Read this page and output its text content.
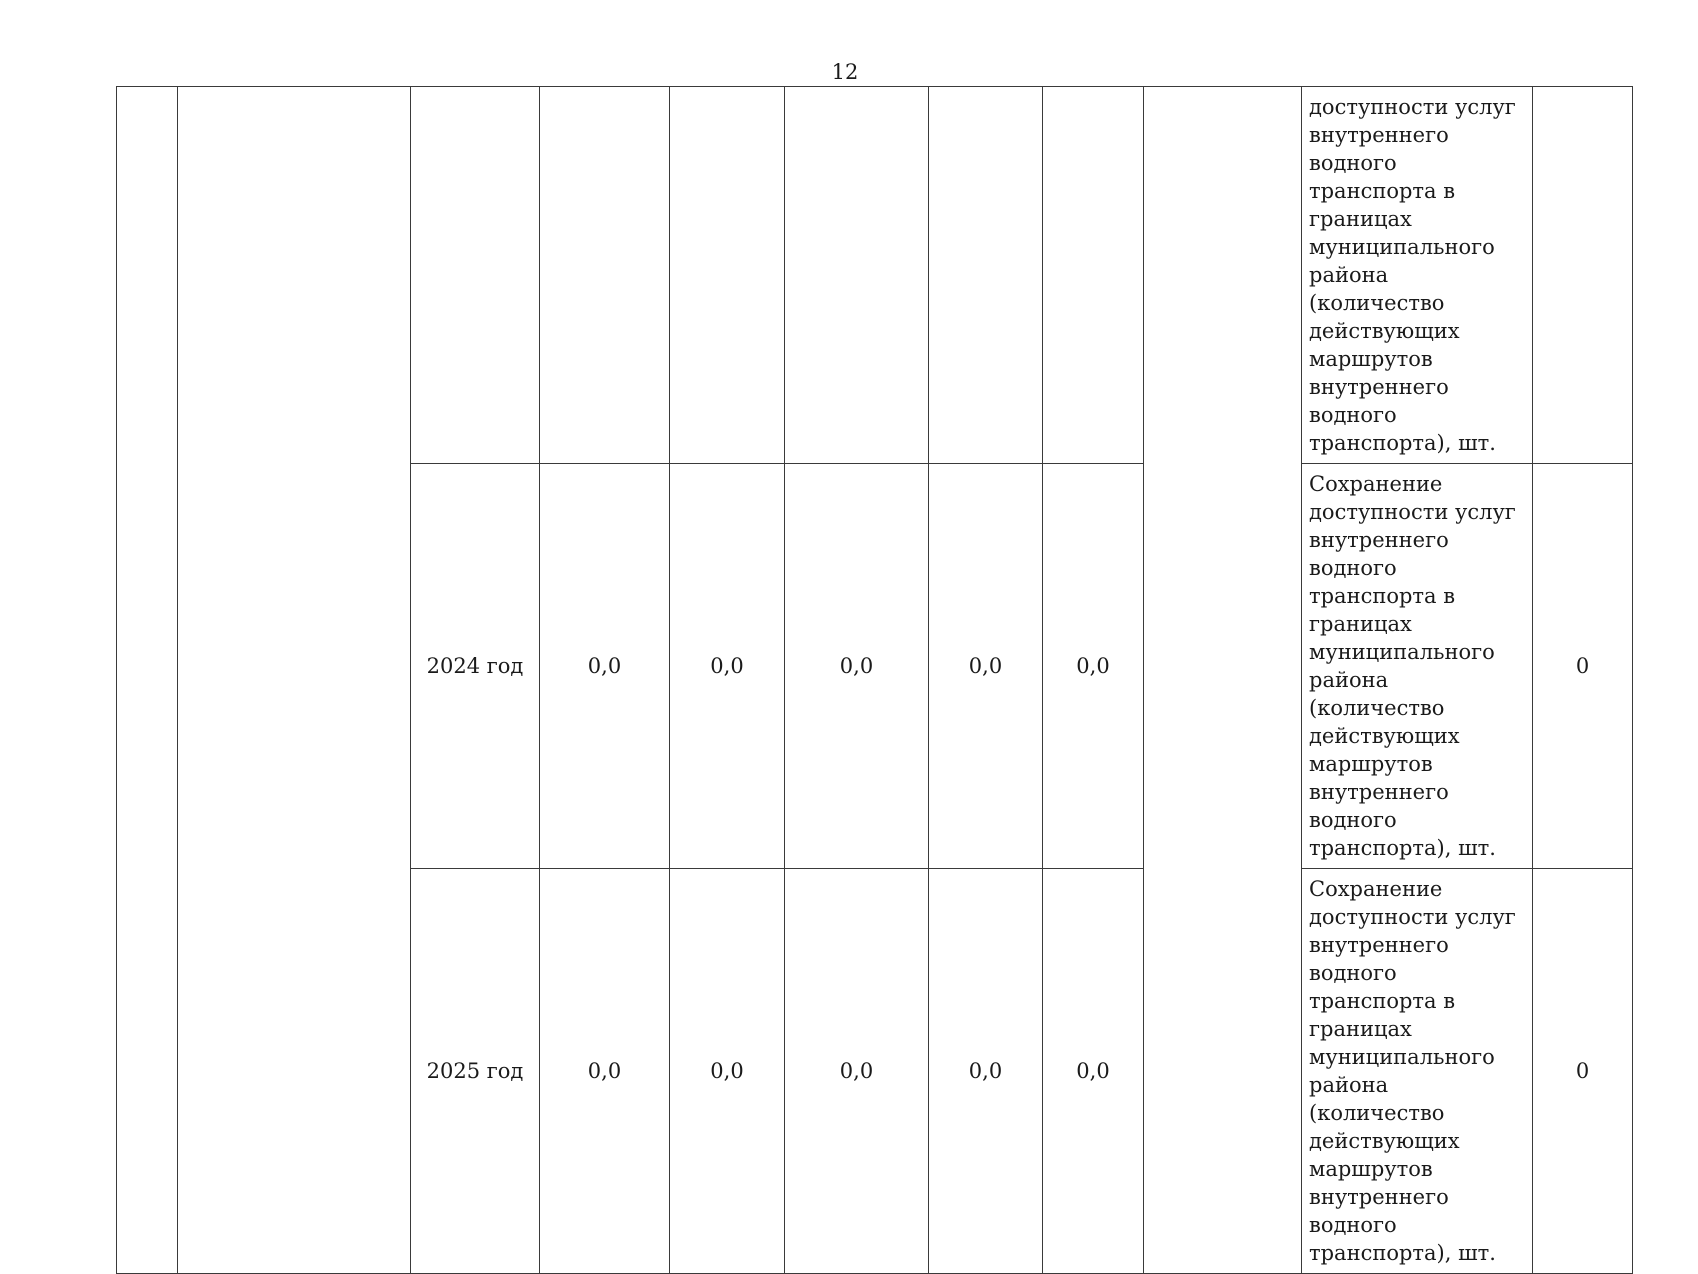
12
									доступности услуг внутреннего водного транспорта в границах муниципального района (количество действующих маршрутов внутреннего водного транспорта), шт.	
		2024 год	0,0	0,0	0,0	0,0	0,0		Сохранение доступности услуг внутреннего водного транспорта в границах муниципального района (количество действующих маршрутов внутреннего водного транспорта), шт.	0
		2025 год	0,0	0,0	0,0	0,0	0,0		Сохранение доступности услуг внутреннего водного транспорта в границах муниципального района (количество действующих маршрутов внутреннего водного транспорта), шт.	0
